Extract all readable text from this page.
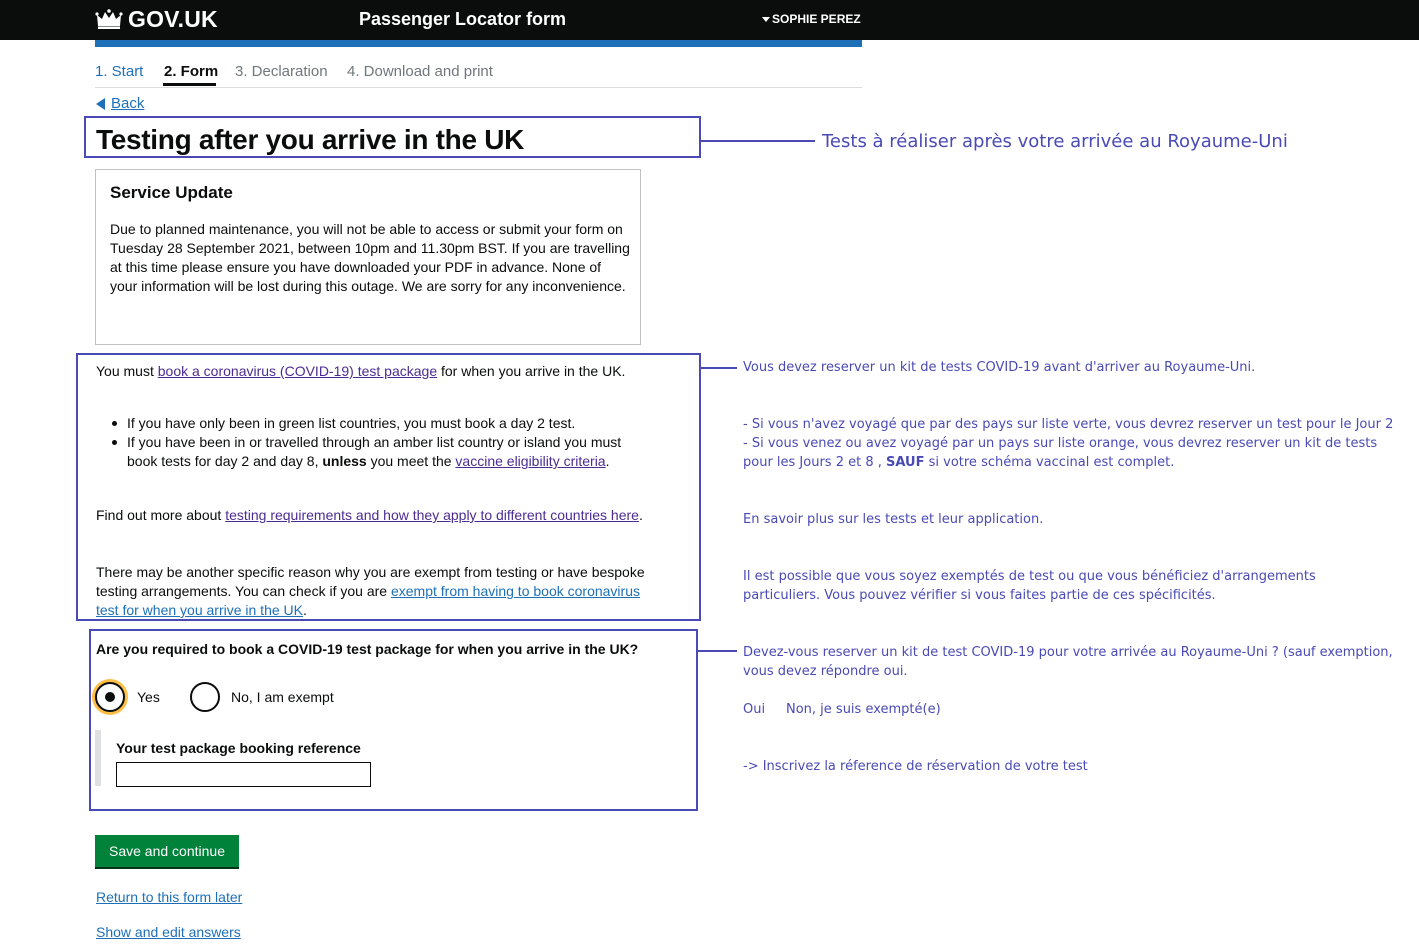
GOV.UK	Passenger Locator form	SOPHIE PEREZ
1. Start 2. Form 3. Declaration 4. Download and print
Back
Testing after you arrive in the UK	Tests à réaliser après votre arrivée au Royaume-Uni
Service Update
Due to planned maintenance, you will not be able to access or submit your form on Tuesday 28 September 2021, between 10pm and 11.30pm BST. If you are travelling at this time please ensure you have downloaded your PDF in advance. None of your information will be lost during this outage. We are sorry for any inconvenience.
You must book a coronavirus (COVID-19) test package for when you arrive in the UK.
If you have only been in green list countries, you must book a day 2 test.
If you have been in or travelled through an amber list country or island you must book tests for day 2 and day 8, unless you meet the vaccine eligibility criteria.
Find out more about testing requirements and how they apply to different countries here.
There may be another specific reason why you are exempt from testing or have bespoke testing arrangements. You can check if you are exempt from having to book coronavirus test for when you arrive in the UK.
Vous devez reserver un kit de tests COVID-19 avant d'arriver au Royaume-Uni.
- Si vous n'avez voyagé que par des pays sur liste verte, vous devrez reserver un test pour le Jour 2
- Si vous venez ou avez voyagé par un pays sur liste orange, vous devrez reserver un kit de tests pour les Jours 2 et 8 , SAUF si votre schéma vaccinal est complet.
En savoir plus sur les tests et leur application.
Il est possible que vous soyez exemptés de test ou que vous bénéficiez d'arrangements particuliers. Vous pouvez vérifier si vous faites partie de ces spécificités.
Are you required to book a COVID-19 test package for when you arrive in the UK?
Yes	No, I am exempt
Your test package booking reference
Devez-vous reserver un kit de test COVID-19 pour votre arrivée au Royaume-Uni ? (sauf exemption, vous devez répondre oui.
Oui Non, je suis exempté(e)
-> Inscrivez la réference de réservation de votre test
Save and continue
Return to this form later
Show and edit answers
